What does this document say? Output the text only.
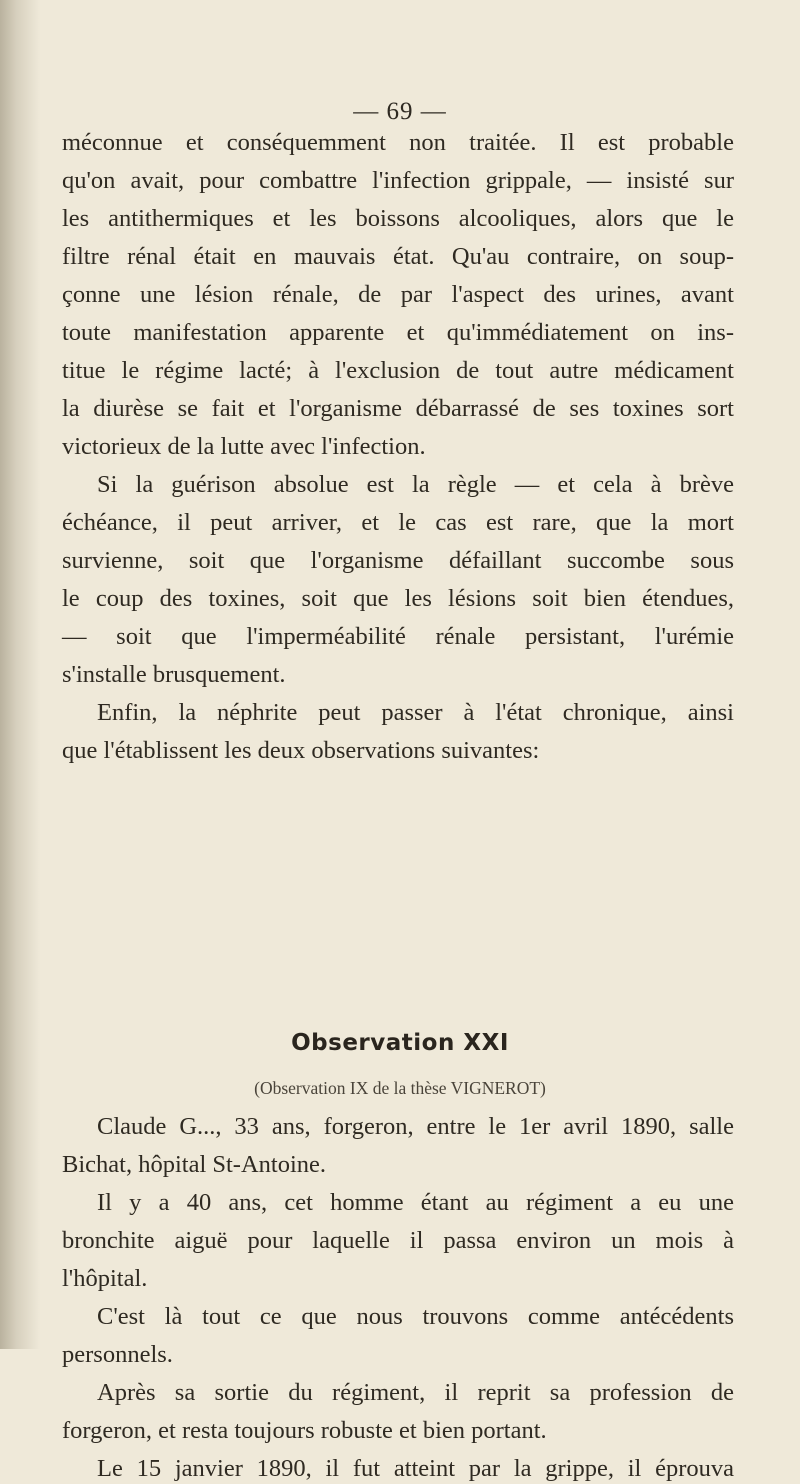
— 69 —

méconnue et conséquemment non traitée. Il est probable

qu'on avait, pour combattre l'infection grippale, — insisté sur

les antithermiques et les boissons alcooliques, alors que le

filtre rénal était en mauvais état. Qu'au contraire, on soup-

çonne une lésion rénale, de par l'aspect des urines, avant

toute manifestation apparente et qu'immédiatement on ins-

titue le régime lacté; à l'exclusion de tout autre médicament

la diurèse se fait et l'organisme débarrassé de ses toxines sort

victorieux de la lutte avec l'infection.

Si la guérison absolue est la règle — et cela à brève

échéance, il peut arriver, et le cas est rare, que la mort

survienne, soit que l'organisme défaillant succombe sous

le coup des toxines, soit que les lésions soit bien étendues,

— soit que l'imperméabilité rénale persistant, l'urémie

s'installe brusquement.

Enfin, la néphrite peut passer à l'état chronique, ainsi

que l'établissent les deux observations suivantes:

Observation XXI
(Observation IX de la thèse VIGNEROT)

Claude G..., 33 ans, forgeron, entre le 1er avril 1890, salle

Bichat, hôpital St-Antoine.

Il y a 40 ans, cet homme étant au régiment a eu une

bronchite aiguë pour laquelle il passa environ un mois à

l'hôpital.

C'est là tout ce que nous trouvons comme antécédents

personnels.

Après sa sortie du régiment, il reprit sa profession de

forgeron, et resta toujours robuste et bien portant.

Le 15 janvier 1890, il fut atteint par la grippe, il éprouva
